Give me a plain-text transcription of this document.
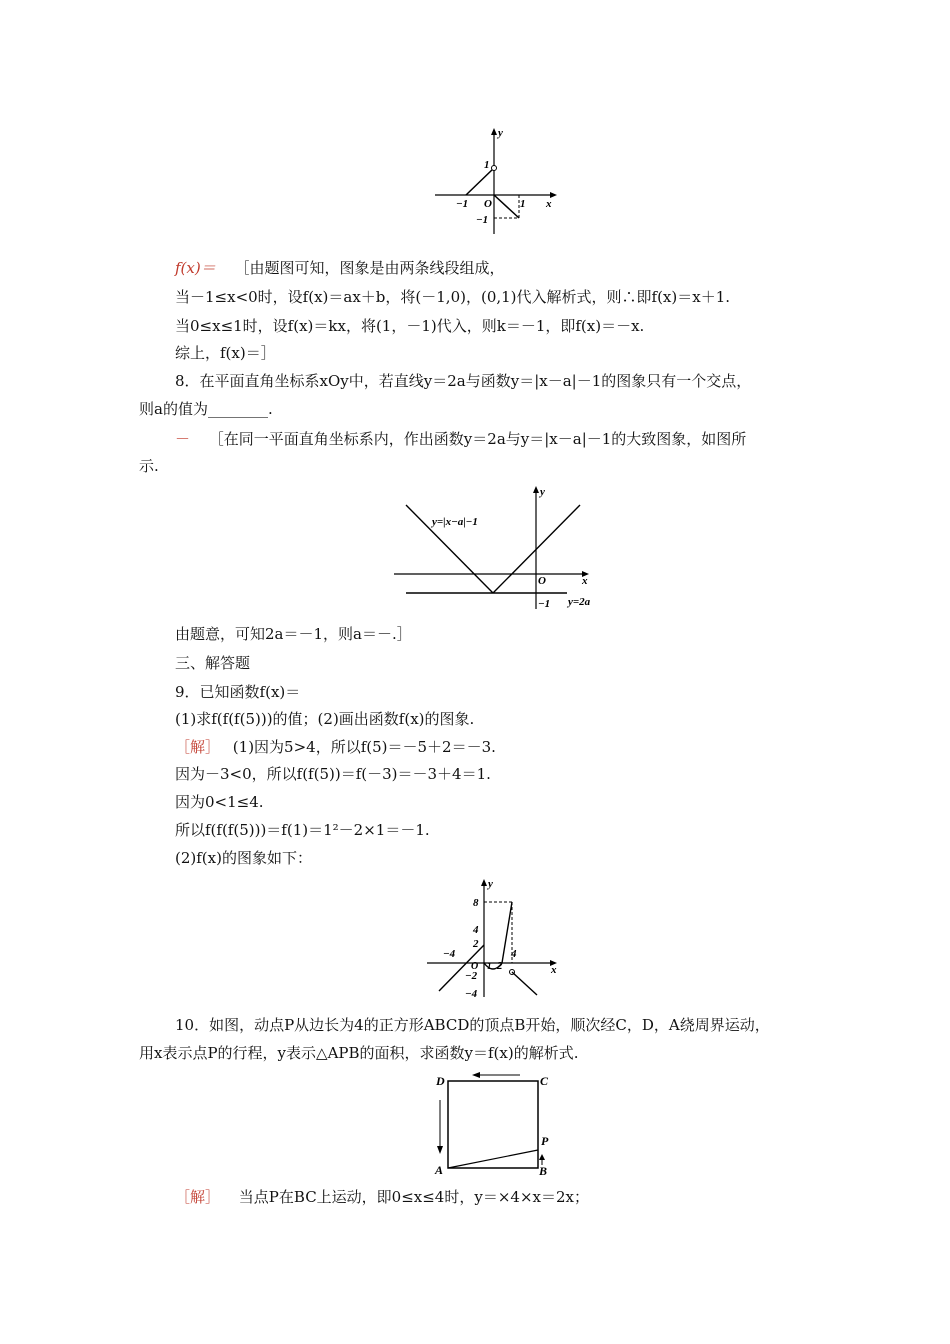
y
1
−1 O	1 x
−1
f(x)＝ ［由题图可知，图象是由两条线段组成，
当－1≤x<0时，设f(x)＝ax＋b，将(－1,0)，(0,1)代入解析式，则∴即f(x)＝x＋1.
当0≤x≤1时，设f(x)＝kx，将(1，－1)代入，则k＝－1，即f(x)＝－x.
综上，f(x)＝］
8．在平面直角坐标系xOy中，若直线y＝2a与函数y＝|x－a|－1的图象只有一个交点，
则a的值为________.
－ ［在同一平面直角坐标系内，作出函数y＝2a与y＝|x－a|－1的大致图象，如图所
示.
y
y=|x−a|−1
O	x
−1 y=2a
由题意，可知2a＝－1，则a＝－.］
三、解答题
9．已知函数f(x)＝
(1)求f(f(f(5)))的值；(2)画出函数f(x)的图象.
［解］ (1)因为5>4，所以f(5)＝－5＋2＝－3.
因为－3<0，所以f(f(5))＝f(－3)＝－3＋4＝1.
因为0<1≤4.
所以f(f(f(5)))＝f(1)＝1²－2×1＝－1.
(2)f(x)的图象如下：
y
8
4
2
−4
O 1 2
4
x
−2
−4
10．如图，动点P从边长为4的正方形ABCD的顶点B开始，顺次经C，D，A绕周界运动，
用x表示点P的行程，y表示△APB的面积，求函数y＝f(x)的解析式.
D	C
A	B
P
［解］ 当点P在BC上运动，即0≤x≤4时，y＝×4×x＝2x；
